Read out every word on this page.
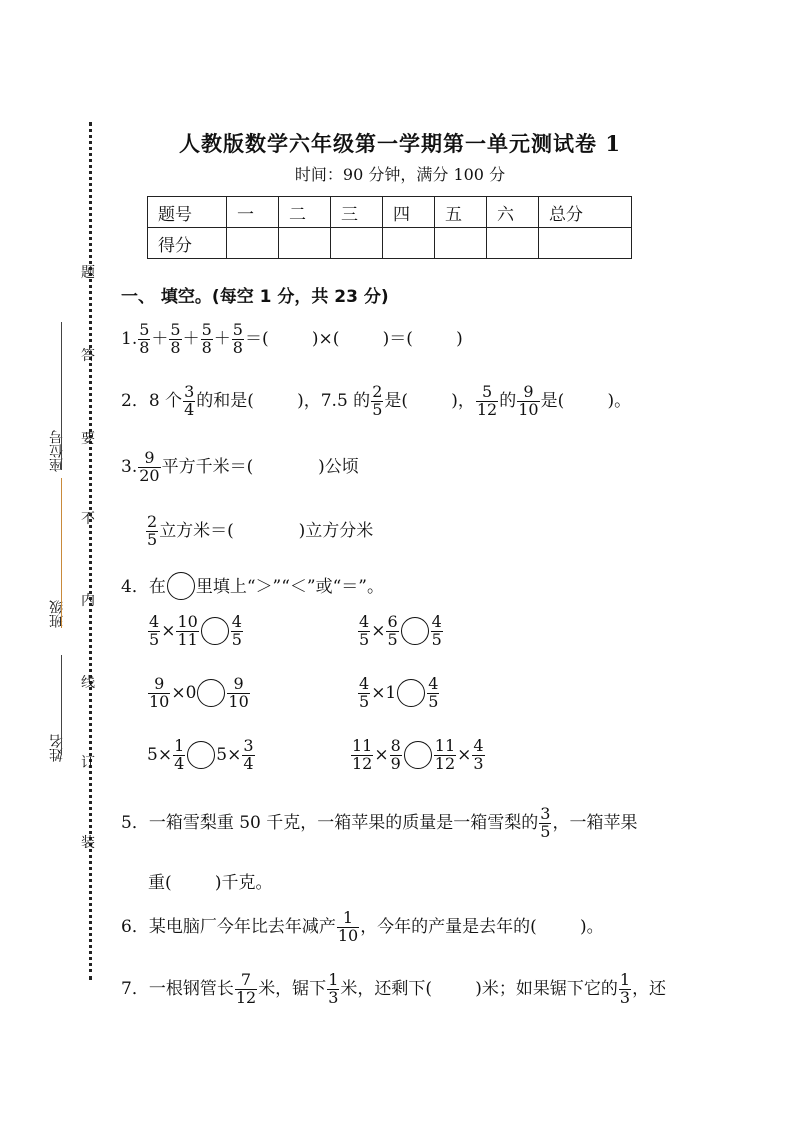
题
答
要
不
内
线
订
装
座位号
班级
姓名
人教版数学六年级第一学期第一单元测试卷 1
时间：90 分钟，满分 100 分
题号	一	二	三	四	五	六	总分
得分							
一、 填空。(每空 1 分，共 23 分)
1. $\frac{5}{8} + \frac{5}{8} + \frac{5}{8} + \frac{5}{8}$ ＝(        )×(        )＝(        )
2．8 个 $\frac{3}{4}$ 的和是(        )，7.5 的 $\frac{2}{5}$ 是(        )， $\frac{5}{12}$ 的 $\frac{9}{10}$ 是(        )。
3. $\frac{9}{20}$ 平方千米＝(            )公顷
$\frac{2}{5}$ 立方米＝(            )立方分米
4．在 里填上“＞”“＜”或“＝”。
$\frac{4}{5} \times \frac{10}{11} \frac{4}{5}$	$\frac{4}{5} \times \frac{6}{5} \frac{4}{5}$
$\frac{9}{10} \times 0 \frac{9}{10}$	$\frac{4}{5} \times 1 \frac{4}{5}$
$5\times \frac{1}{4} 5\times \frac{3}{4}$	$\frac{11}{12} \times \frac{8}{9} \frac{11}{12} \times \frac{4}{3}$
5．一箱雪梨重 50 千克，一箱苹果的质量是一箱雪梨的 $\frac{3}{5}$ ，一箱苹果
重(        )千克。
6．某电脑厂今年比去年减产 $\frac{1}{10}$ ，今年的产量是去年的(        )。
7．一根钢管长 $\frac{7}{12}$ 米，锯下 $\frac{1}{3}$ 米，还剩下(        )米；如果锯下它的 $\frac{1}{3}$ ，还
